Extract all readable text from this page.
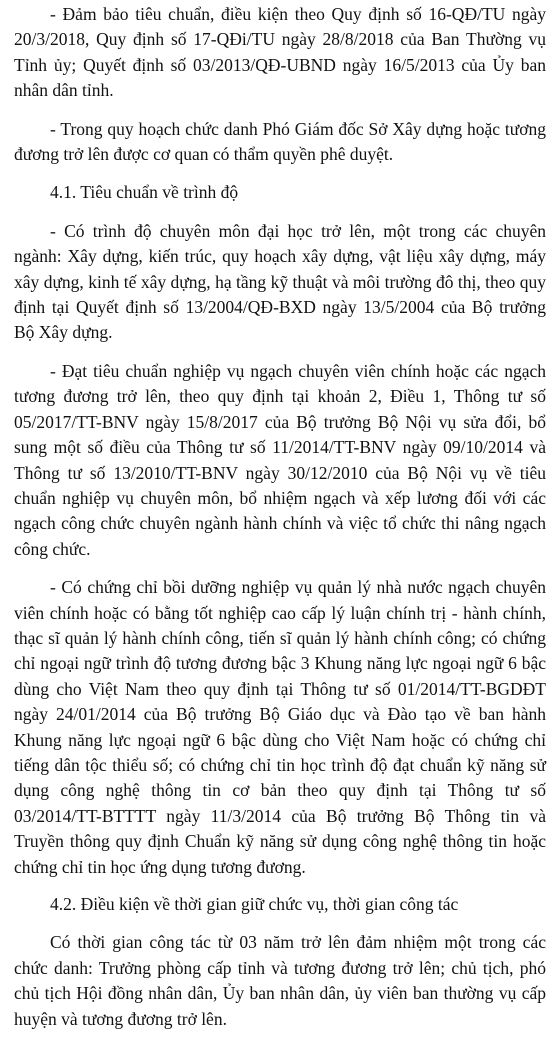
- Đảm bảo tiêu chuẩn, điều kiện theo Quy định số 16-QĐ/TU ngày 20/3/2018, Quy định số 17-QĐi/TU ngày 28/8/2018 của Ban Thường vụ Tỉnh ủy; Quyết định số 03/2013/QĐ-UBND ngày 16/5/2013 của Ủy ban nhân dân tỉnh.

- Trong quy hoạch chức danh Phó Giám đốc Sở Xây dựng hoặc tương đương trở lên được cơ quan có thẩm quyền phê duyệt.

4.1. Tiêu chuẩn về trình độ

- Có trình độ chuyên môn đại học trở lên, một trong các chuyên ngành: Xây dựng, kiến trúc, quy hoạch xây dựng, vật liệu xây dựng, máy xây dựng, kinh tế xây dựng, hạ tầng kỹ thuật và môi trường đô thị, theo quy định tại Quyết định số 13/2004/QĐ-BXD ngày 13/5/2004 của Bộ trưởng Bộ Xây dựng.

- Đạt tiêu chuẩn nghiệp vụ ngạch chuyên viên chính hoặc các ngạch tương đương trở lên, theo quy định tại khoản 2, Điều 1, Thông tư số 05/2017/TT-BNV ngày 15/8/2017 của Bộ trưởng Bộ Nội vụ sửa đổi, bổ sung một số điều của Thông tư số 11/2014/TT-BNV ngày 09/10/2014 và Thông tư số 13/2010/TT-BNV ngày 30/12/2010 của Bộ Nội vụ về tiêu chuẩn nghiệp vụ chuyên môn, bổ nhiệm ngạch và xếp lương đối với các ngạch công chức chuyên ngành hành chính và việc tổ chức thi nâng ngạch công chức.

- Có chứng chỉ bồi dưỡng nghiệp vụ quản lý nhà nước ngạch chuyên viên chính hoặc có bằng tốt nghiệp cao cấp lý luận chính trị - hành chính, thạc sĩ quản lý hành chính công, tiến sĩ quản lý hành chính công; có chứng chỉ ngoại ngữ trình độ tương đương bậc 3 Khung năng lực ngoại ngữ 6 bậc dùng cho Việt Nam theo quy định tại Thông tư số 01/2014/TT-BGDĐT ngày 24/01/2014 của Bộ trưởng Bộ Giáo dục và Đào tạo về ban hành Khung năng lực ngoại ngữ 6 bậc dùng cho Việt Nam hoặc có chứng chỉ tiếng dân tộc thiểu số; có chứng chỉ tin học trình độ đạt chuẩn kỹ năng sử dụng công nghệ thông tin cơ bản theo quy định tại Thông tư số 03/2014/TT-BTTTT ngày 11/3/2014 của Bộ trưởng Bộ Thông tin và Truyền thông quy định Chuẩn kỹ năng sử dụng công nghệ thông tin hoặc chứng chỉ tin học ứng dụng tương đương.

4.2. Điều kiện về thời gian giữ chức vụ, thời gian công tác

Có thời gian công tác từ 03 năm trở lên đảm nhiệm một trong các chức danh: Trưởng phòng cấp tỉnh và tương đương trở lên; chủ tịch, phó chủ tịch Hội đồng nhân dân, Ủy ban nhân dân, ủy viên ban thường vụ cấp huyện và tương đương trở lên.
